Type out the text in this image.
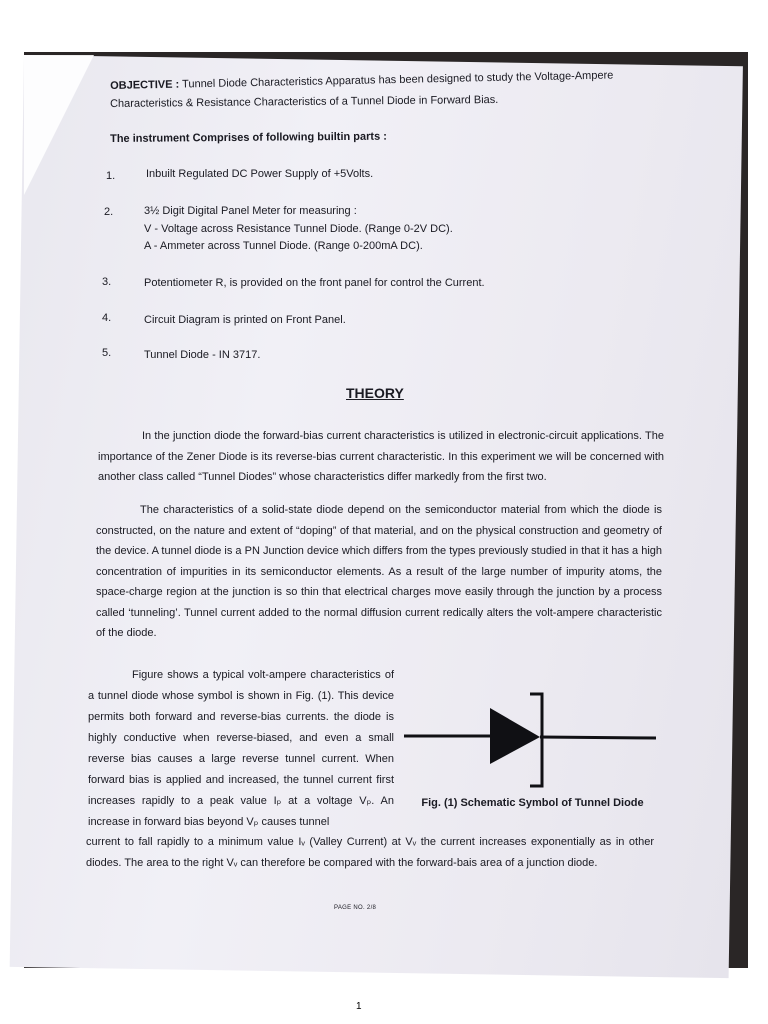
OBJECTIVE : Tunnel Diode Characteristics Apparatus has been designed to study the Voltage-Ampere
Characteristics & Resistance Characteristics of a Tunnel Diode in Forward Bias.
The instrument Comprises of following builtin parts :
1.	Inbuilt Regulated DC Power Supply of +5Volts.
2.	3½ Digit Digital Panel Meter for measuring :
V - Voltage across Resistance Tunnel Diode. (Range 0-2V DC).
A - Ammeter across Tunnel Diode. (Range 0-200mA DC).
3.	Potentiometer R, is provided on the front panel for control the Current.
4.	Circuit Diagram is printed on Front Panel.
5.	Tunnel Diode - IN 3717.
THEORY
In the junction diode the forward-bias current characteristics is utilized in electronic-circuit applications. The importance of the Zener Diode is its reverse-bias current characteristic. In this experiment we will be concerned with another class called “Tunnel Diodes” whose characteristics differ markedly from the first two.
The characteristics of a solid-state diode depend on the semiconductor material from which the diode is constructed, on the nature and extent of “doping” of that material, and on the physical construction and geometry of the device. A tunnel diode is a PN Junction device which differs from the types previously studied in that it has a high concentration of impurities in its semiconductor elements. As a result of the large number of impurity atoms, the space-charge region at the junction is so thin that electrical charges move easily through the junction by a process called ‘tunneling’. Tunnel current added to the normal diffusion current redically alters the volt-ampere characteristic of the diode.
Figure shows a typical volt-ampere characteristics of a tunnel diode whose symbol is shown in Fig. (1). This device permits both forward and reverse-bias currents. the diode is highly conductive when reverse-biased, and even a small reverse bias causes a large reverse tunnel current. When forward bias is applied and increased, the tunnel current first increases rapidly to a peak value Iₚ at a voltage Vₚ. An increase in forward bias beyond Vₚ causes tunnel
current to fall rapidly to a minimum value Iᵥ (Valley Current) at Vᵥ the current increases exponentially as in other diodes. The area to the right Vᵥ can therefore be compared with the forward-bais area of a junction diode.
Fig. (1) Schematic Symbol of Tunnel Diode
PAGE NO. 2/8
1
